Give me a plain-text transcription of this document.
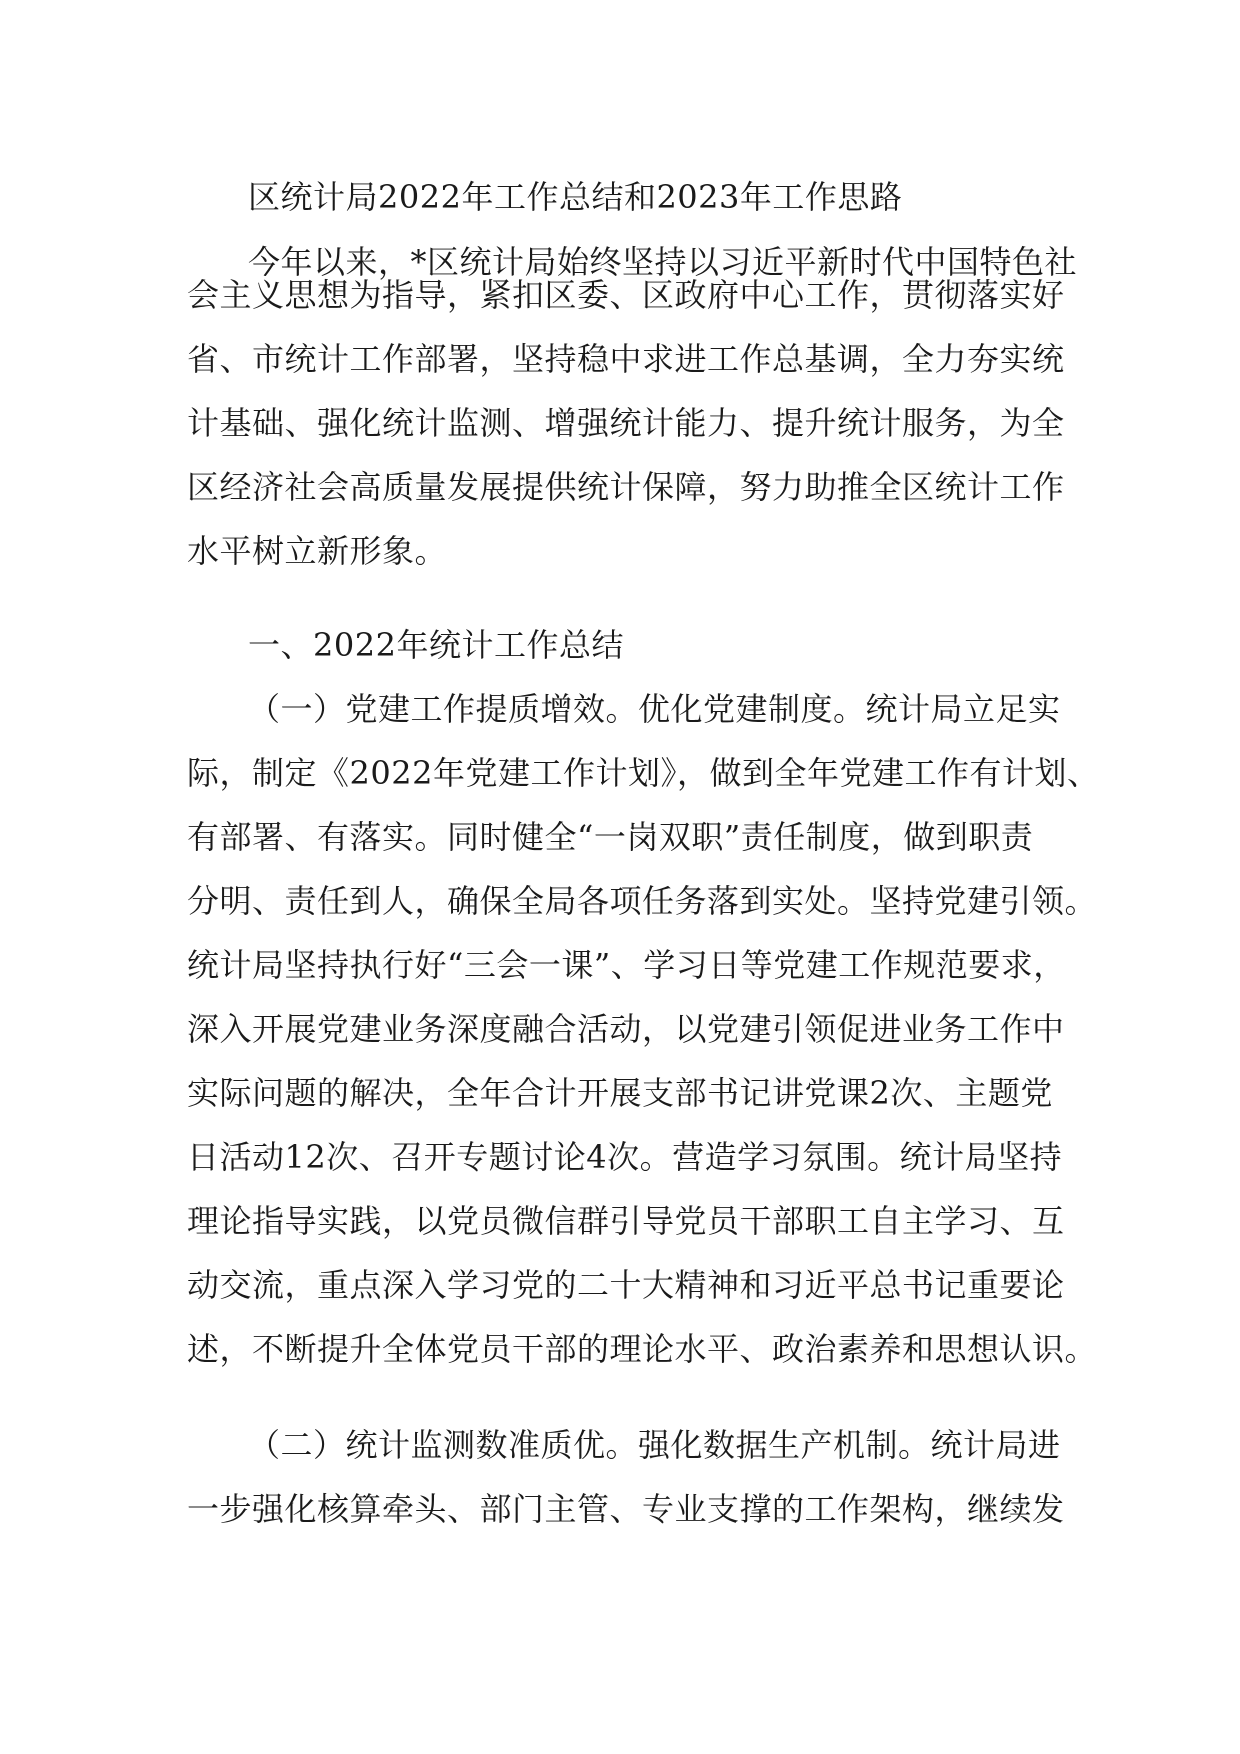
区统计局2022年工作总结和2023年工作思路
今年以来，*区统计局始终坚持以习近平新时代中国特色社
会主义思想为指导，紧扣区委、区政府中心工作，贯彻落实好
省、市统计工作部署，坚持稳中求进工作总基调，全力夯实统
计基础、强化统计监测、增强统计能力、提升统计服务，为全
区经济社会高质量发展提供统计保障，努力助推全区统计工作
水平树立新形象。
一、2022年统计工作总结
（一）党建工作提质增效。优化党建制度。统计局立足实
际，制定《2022年党建工作计划》，做到全年党建工作有计划、
有部署、有落实。同时健全“一岗双职”责任制度，做到职责
分明、责任到人，确保全局各项任务落到实处。坚持党建引领。
统计局坚持执行好“三会一课”、学习日等党建工作规范要求，
深入开展党建业务深度融合活动，以党建引领促进业务工作中
实际问题的解决，全年合计开展支部书记讲党课2次、主题党
日活动12次、召开专题讨论4次。营造学习氛围。统计局坚持
理论指导实践，以党员微信群引导党员干部职工自主学习、互
动交流，重点深入学习党的二十大精神和习近平总书记重要论
述，不断提升全体党员干部的理论水平、政治素养和思想认识。
（二）统计监测数准质优。强化数据生产机制。统计局进
一步强化核算牵头、部门主管、专业支撑的工作架构，继续发
